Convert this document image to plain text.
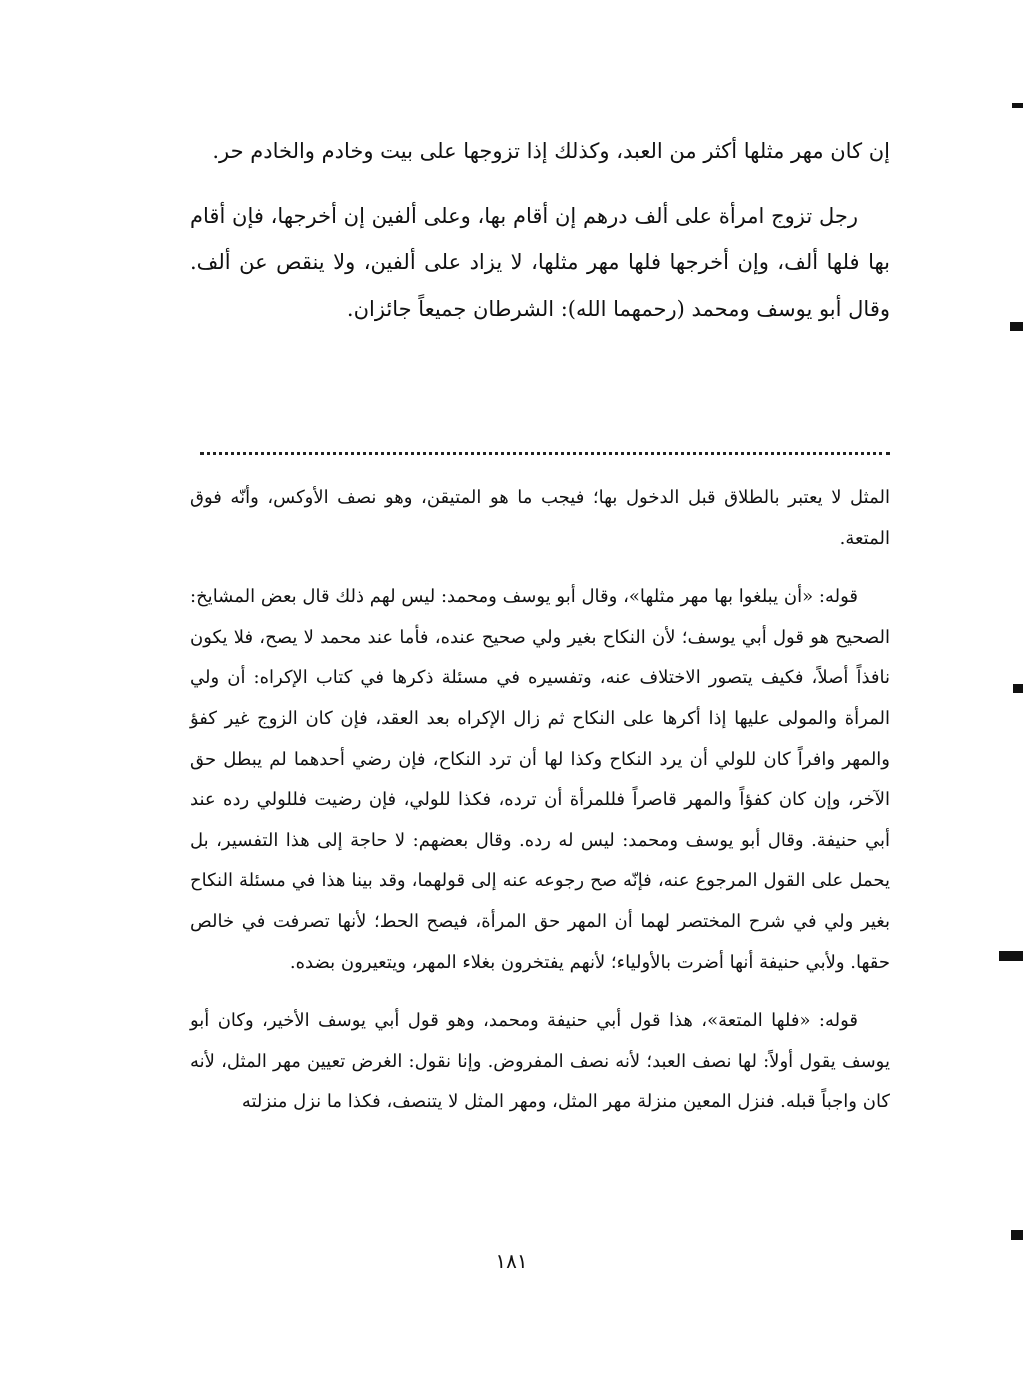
إن كان مهر مثلها أكثر من العبد، وكذلك إذا تزوجها على بيت وخادم والخادم حر.

رجل تزوج امرأة على ألف درهم إن أقام بها، وعلى ألفين إن أخرجها، فإن أقام بها فلها ألف، وإن أخرجها فلها مهر مثلها، لا يزاد على ألفين، ولا ينقص عن ألف. وقال أبو يوسف ومحمد (رحمهما الله): الشرطان جميعاً جائزان.

المثل لا يعتبر بالطلاق قبل الدخول بها؛ فيجب ما هو المتيقن، وهو نصف الأوكس، وأنّه فوق المتعة.

قوله: «أن يبلغوا بها مهر مثلها»، وقال أبو يوسف ومحمد: ليس لهم ذلك قال بعض المشايخ: الصحيح هو قول أبي يوسف؛ لأن النكاح بغير ولي صحيح عنده، فأما عند محمد لا يصح، فلا يكون نافذاً أصلاً، فكيف يتصور الاختلاف عنه، وتفسيره في مسئلة ذكرها في كتاب الإكراه: أن ولي المرأة والمولى عليها إذا أكرها على النكاح ثم زال الإكراه بعد العقد، فإن كان الزوج غير كفؤ والمهر وافراً كان للولي أن يرد النكاح وكذا لها أن ترد النكاح، فإن رضي أحدهما لم يبطل حق الآخر، وإن كان كفؤاً والمهر قاصراً فللمرأة أن ترده، فكذا للولي، فإن رضيت فللولي رده عند أبي حنيفة. وقال أبو يوسف ومحمد: ليس له رده. وقال بعضهم: لا حاجة إلى هذا التفسير، بل يحمل على القول المرجوع عنه، فإنّه صح رجوعه عنه إلى قولهما، وقد بينا هذا في مسئلة النكاح بغير ولي في شرح المختصر لهما أن المهر حق المرأة، فيصح الحط؛ لأنها تصرفت في خالص حقها. ولأبي حنيفة أنها أضرت بالأولياء؛ لأنهم يفتخرون بغلاء المهر، ويتعيرون بضده.

قوله: «فلها المتعة»، هذا قول أبي حنيفة ومحمد، وهو قول أبي يوسف الأخير، وكان أبو يوسف يقول أولاً: لها نصف العبد؛ لأنه نصف المفروض. وإنا نقول: الغرض تعيين مهر المثل، لأنه كان واجباً قبله. فنزل المعين منزلة مهر المثل، ومهر المثل لا يتنصف، فكذا ما نزل منزلته

١٨١
